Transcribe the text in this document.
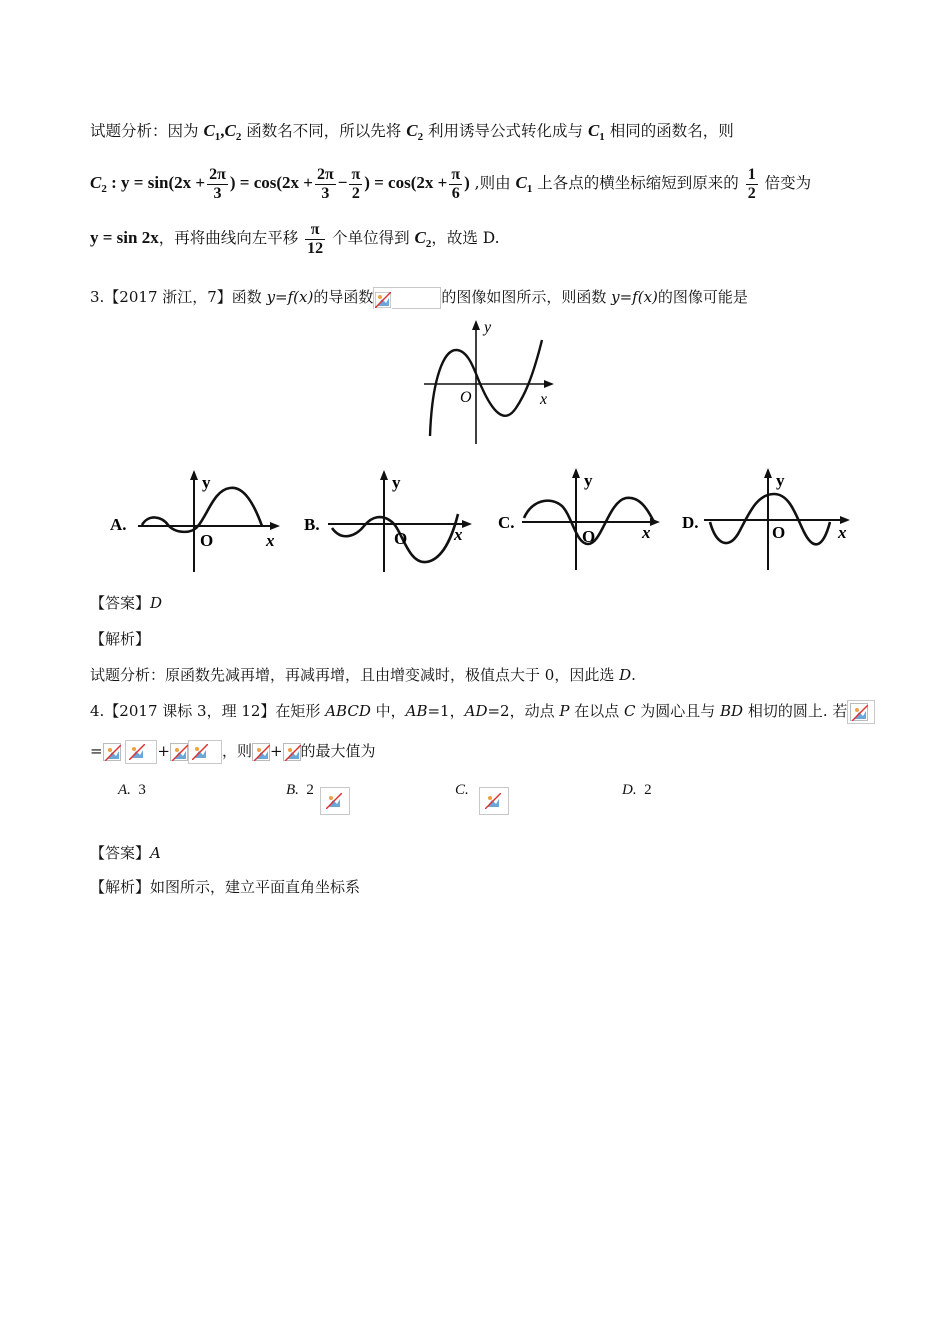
试题分析：因为 $C_1,C_2$ 函数名不同，所以先将 $C_2$ 利用诱导公式转化成与 $C_1$ 相同的函数名，则
$C_2$ : $y = \sin(2x + \frac{2\pi}{3}$ ) = $\cos(2x + \frac{2\pi}{3} - \frac{\pi}{2}$ ) = $\cos(2x + \frac{\pi}{6}$ ) ,则由 $C_1$ 上各点的横坐标缩短到原来的 $\frac{1}{2}$ 倍变为
y = sin 2x，再将曲线向左平移 $\frac{\pi}{12}$ 个单位得到 $C_2$，故选 D.
3.【2017 浙江，7】函数 y=f(x)的导函数	的图像如图所示，则函数 y=f(x)的图像可能是
y
O	x
A.
y
O	x
B.
y
O	x
C.
y
O	x
D.
y
O	x
【答案】D
【解析】
试题分析：原函数先减再增，再减再增，且由增变减时，极值点大于 0，因此选 D.
4.【2017 课标 3，理 12】在矩形 ABCD 中，AB=1，AD=2，动点 P 在以点 C 为圆心且与 BD 相切的圆上. 若
=
	+	，则 + 的最大值为
A. 3	B. 2	C.	D. 2
【答案】A
【解析】如图所示，建立平面直角坐标系
